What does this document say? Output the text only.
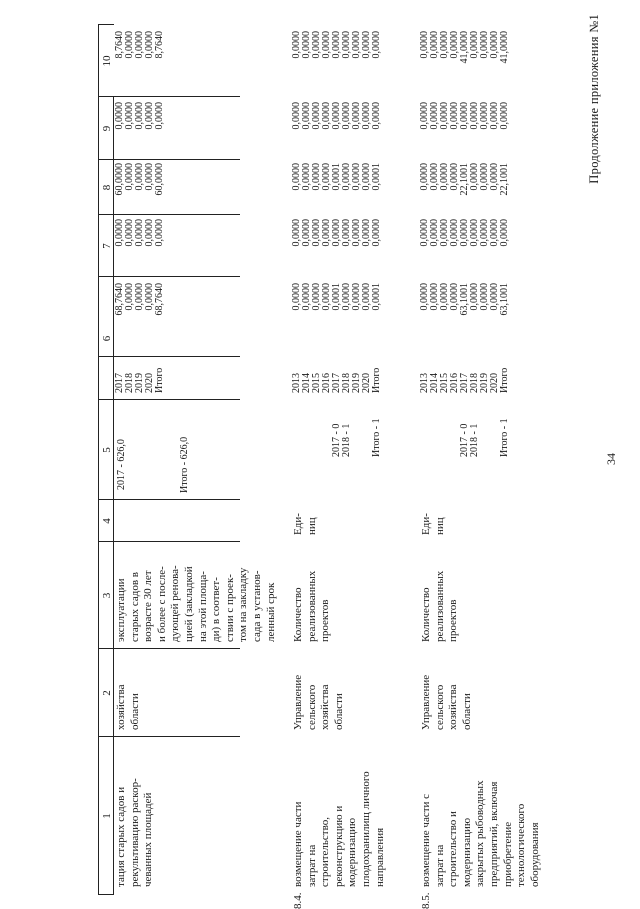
34
Продолжение приложения №1
1
2
3
4
5
6
7
8
9
10
тация старых садов и
рекультивацию раскор-
чеванных площадей
хозяйства
области
эксплуатации
старых садов в
возрасте 30 лет
и более с после-
дующей ренова-
цией (закладкой
на этой площа-
ди) в соответ-
ствии с проек-
том на закладку
сада в установ-
ленный срок
2017 - 626,0	Итого - 626,0
2017
2018
2019
2020
Итого
68,7640
0,0000
0,0000
0,0000
68,7640
0,0000
0,0000
0,0000
0,0000
0,0000
60,0000
0,0000
0,0000
0,0000
60,0000
0,0000
0,0000
0,0000
0,0000
0,0000
8,7640
0,0000
0,0000
0,0000
8,7640
8.4.
возмещение части
затрат на
строительство,
реконструкцию и
модернизацию
плодохранилищ личного
направления
Управление
сельского
хозяйства
области
Количество
реализованных
проектов
Еди-
ниц
2017 - 0
2018 - 1

Итого - 1
2013
2014
2015
2016
2017
2018
2019
2020
Итого
0,0000
0,0000
0,0000
0,0000
0,0001
0,0000
0,0000
0,0000
0,0001
0,0000
0,0000
0,0000
0,0000
0,0000
0,0000
0,0000
0,0000
0,0000
0,0000
0,0000
0,0000
0,0000
0,0001
0,0000
0,0000
0,0000
0,0001
0,0000
0,0000
0,0000
0,0000
0,0000
0,0000
0,0000
0,0000
0,0000
0,0000
0,0000
0,0000
0,0000
0,0000
0,0000
0,0000
0,0000
0,0000
8.5.
возмещение части с
затрат на
строительство и
модернизацию
закрытых рыбоводных
предприятий, включая
приобретение
технологического
оборудования
Управление
сельского
хозяйства
области
Количество
реализованных
проектов
Еди-
ниц
2017 - 0
2018 - 1

Итого - 1
2013
2014
2015
2016
2017
2018
2019
2020
Итого
0,0000
0,0000
0,0000
0,0000
63,1001
0,0000
0,0000
0,0000
63,1001
0,0000
0,0000
0,0000
0,0000
0,0000
0,0000
0,0000
0,0000
0,0000
0,0000
0,0000
0,0000
0,0000
22,1001
0,0000
0,0000
0,0000
22,1001
0,0000
0,0000
0,0000
0,0000
0,0000
0,0000
0,0000
0,0000
0,0000
0,0000
0,0000
0,0000
0,0000
41,0000
0,0000
0,0000
0,0000
41,0000
